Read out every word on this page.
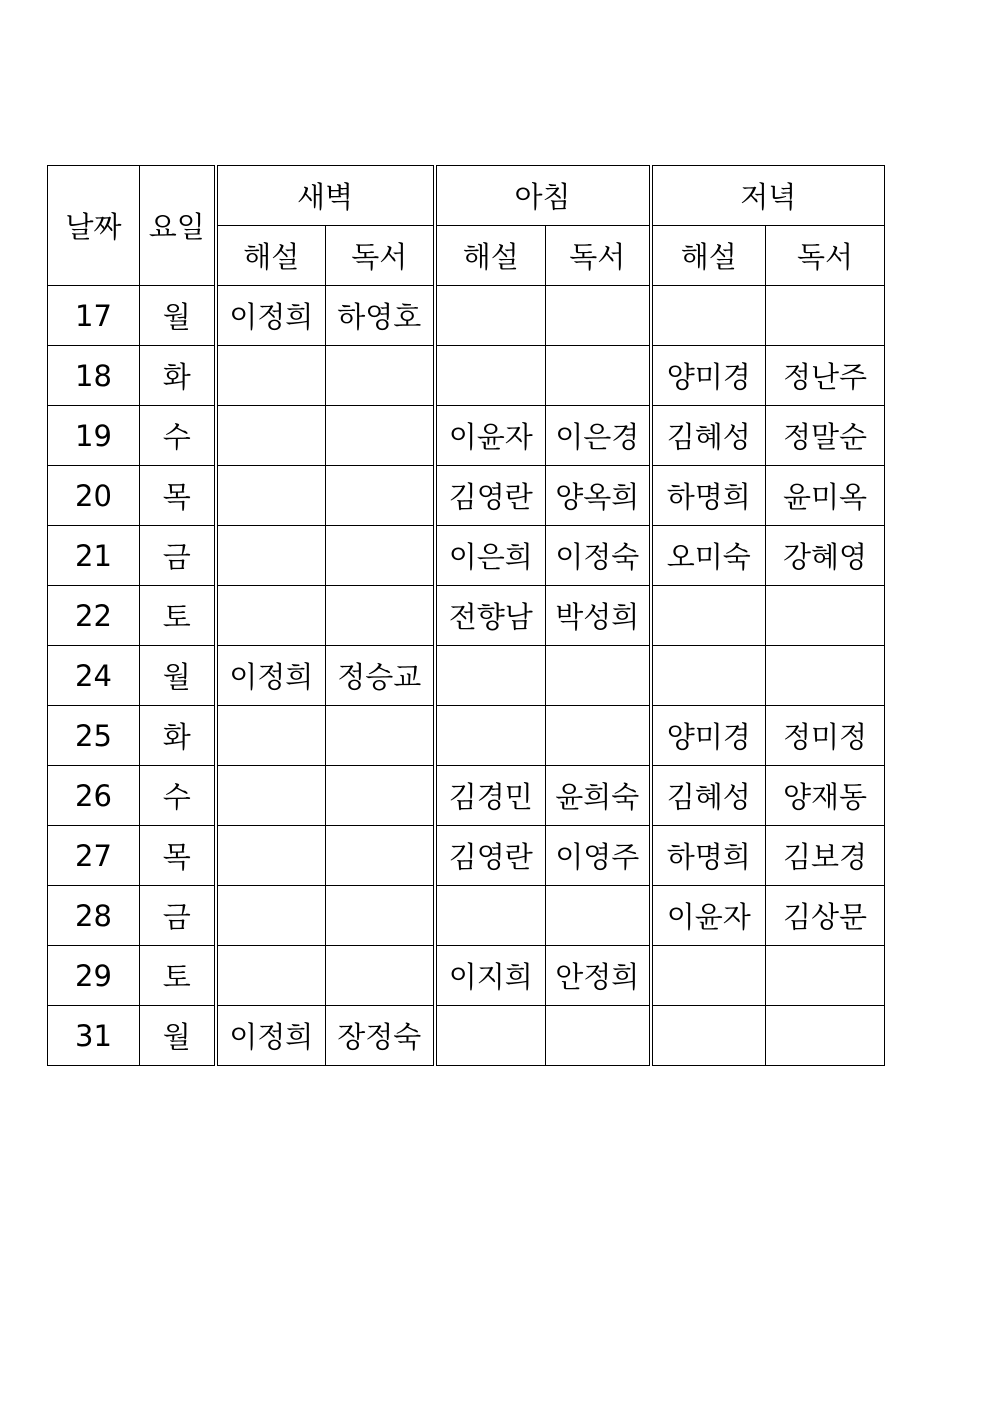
날짜	요일	새벽		아침		저녁	
		해설	독서	해설	독서	해설	독서
17	월	이정희	하영호				
18	화					양미경	정난주
19	수			이윤자	이은경	김혜성	정말순
20	목			김영란	양옥희	하명희	윤미옥
21	금			이은희	이정숙	오미숙	강혜영
22	토			전향남	박성희		
24	월	이정희	정승교				
25	화					양미경	정미정
26	수			김경민	윤희숙	김혜성	양재동
27	목			김영란	이영주	하명희	김보경
28	금					이윤자	김상문
29	토			이지희	안정희		
31	월	이정희	장정숙				
